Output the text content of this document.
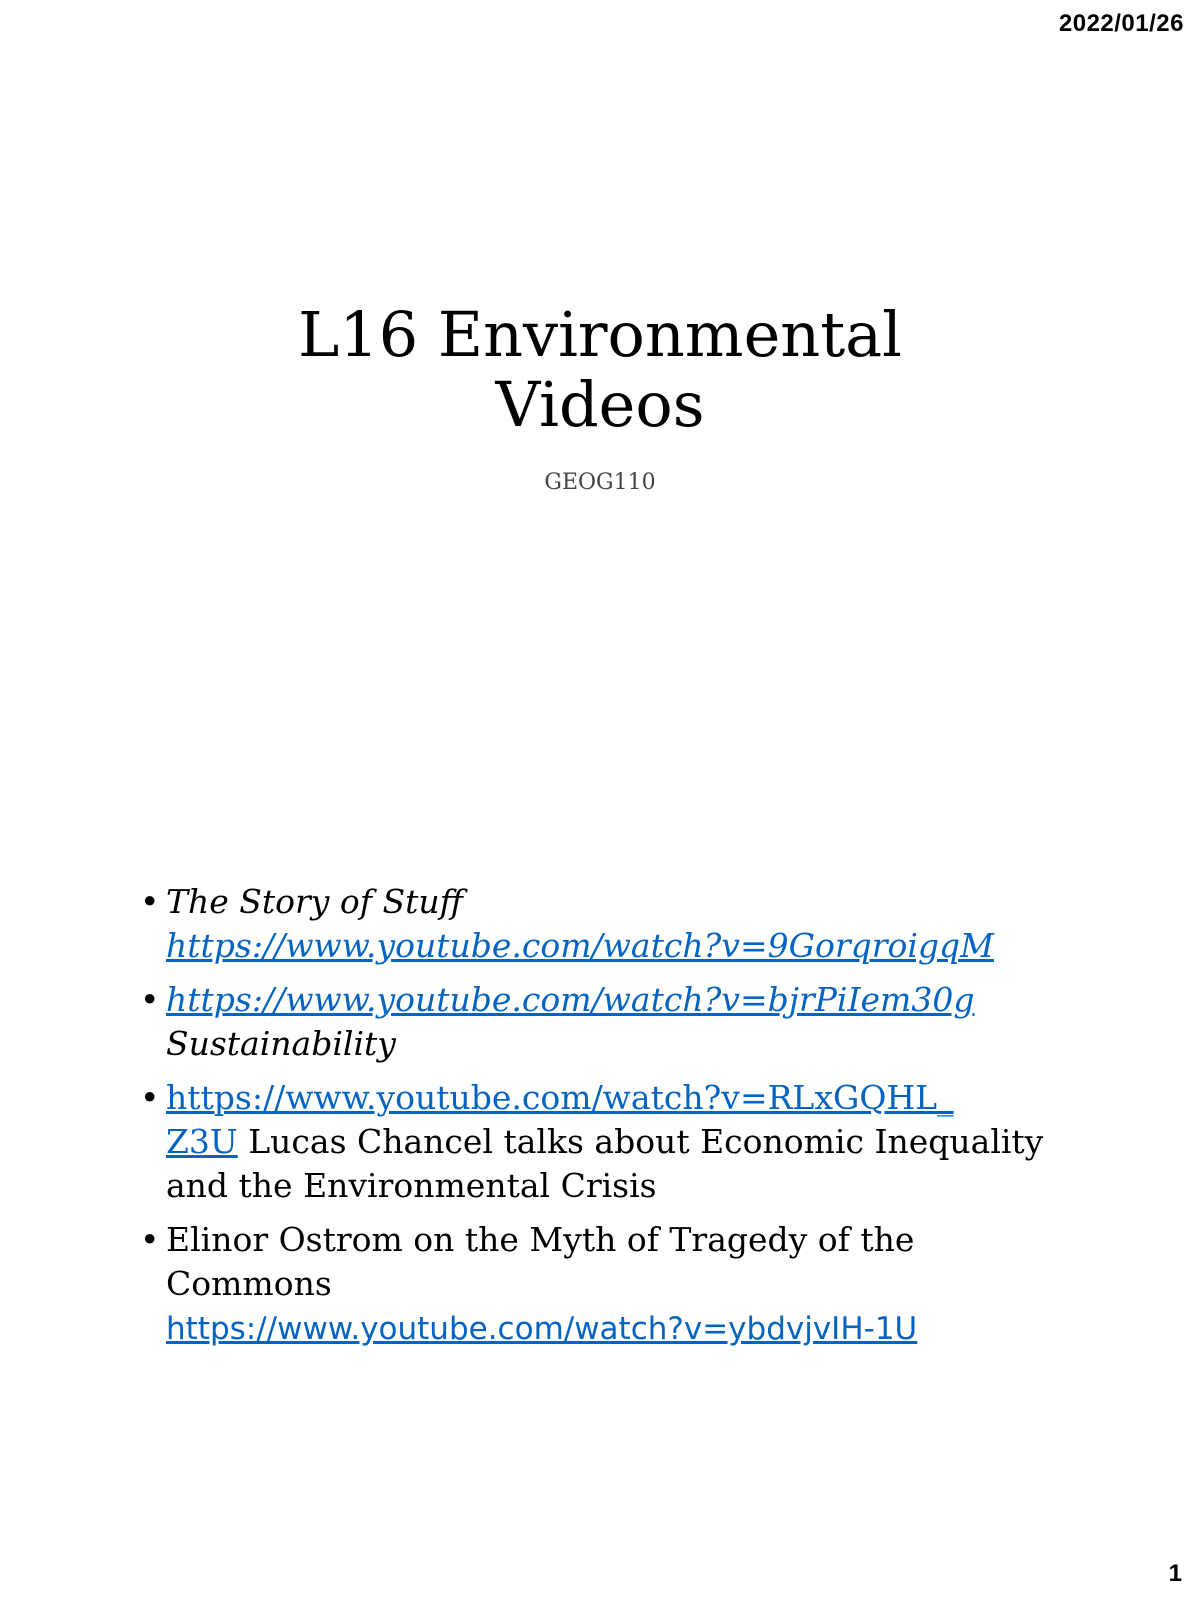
2022/01/26
L16 Environmental
Videos
GEOG110
• The Story of Stuff
https://www.youtube.com/watch?v=9GorqroigqM
• https://www.youtube.com/watch?v=bjrPiIem30g
Sustainability
• https://www.youtube.com/watch?v=RLxGQHL_
Z3U Lucas Chancel talks about Economic Inequality and the Environmental Crisis
• Elinor Ostrom on the Myth of Tragedy of the Commons
https://www.youtube.com/watch?v=ybdvjvIH-1U
1
